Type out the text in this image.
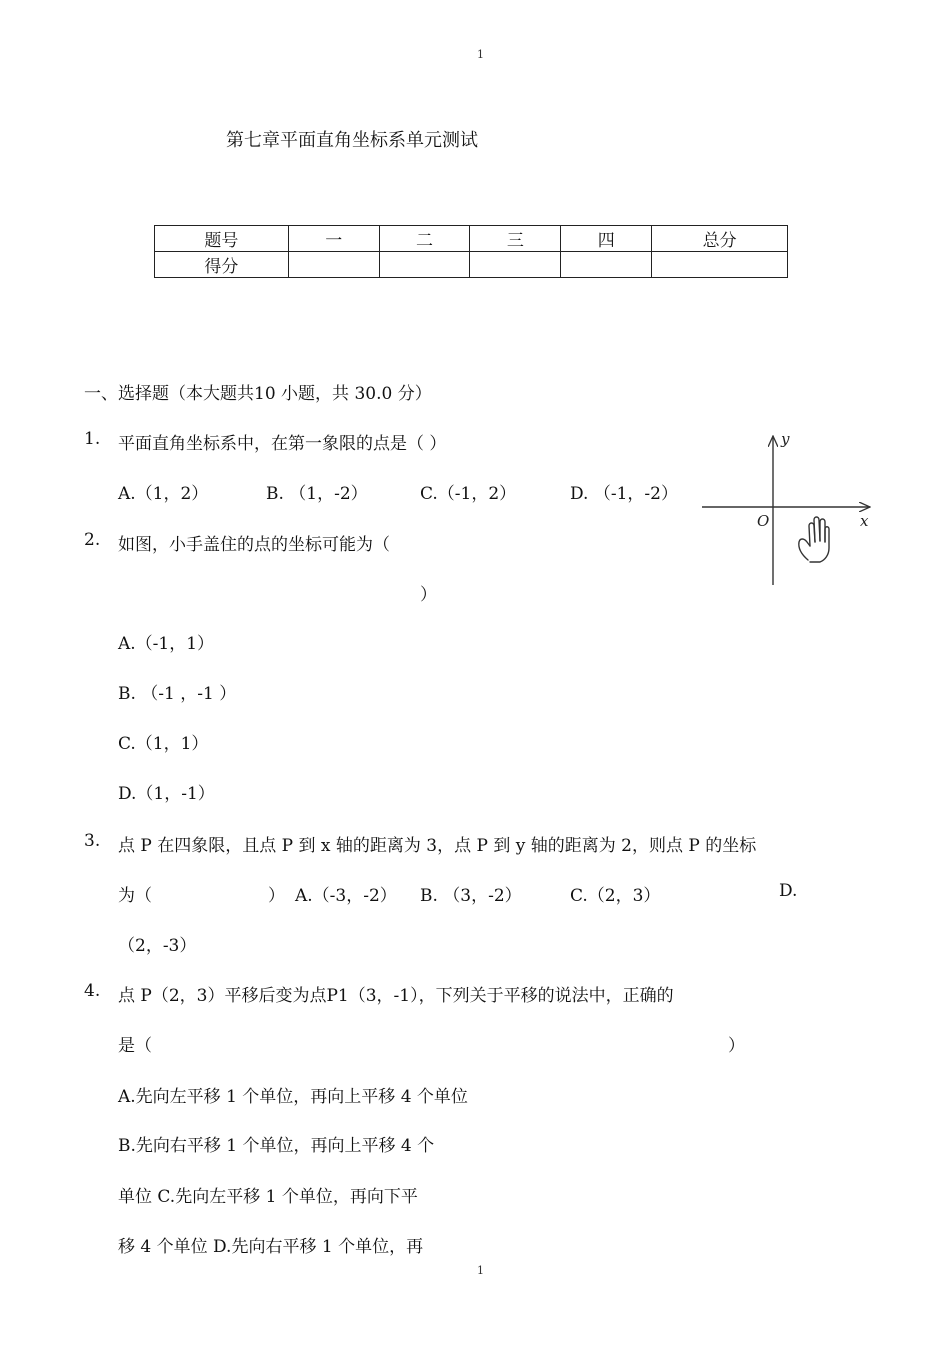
1
1
第七章平面直角坐标系单元测试
题号	一	二	三	四	总分
得分					
一、选择题（本大题共10 小题，共 30.0 分）
1. 平面直角坐标系中，在第一象限的点是（ ）
A.（1，2）	B. （1，-2）	C.（-1，2）	D. （-1，-2）
y
x
O
2. 如图，小手盖住的点的坐标可能为（
）
A.（-1，1）
B. （-1 ，-1 ）
C.（1，1）
D.（1，-1）
3. 点 P 在四象限，且点 P 到 x 轴的距离为 3，点 P 到 y 轴的距离为 2，则点 P 的坐标
为（	） A.（-3，-2） B. （3，-2）	C.（2，3）	D.
（2，-3）
4. 点 P（2，3）平移后变为点P1（3，-1），下列关于平移的说法中，正确的
是（	）
A.先向左平移 1 个单位，再向上平移 4 个单位
B.先向右平移 1 个单位，再向上平移 4 个
单位 C.先向左平移 1 个单位，再向下平
移 4 个单位 D.先向右平移 1 个单位，再
